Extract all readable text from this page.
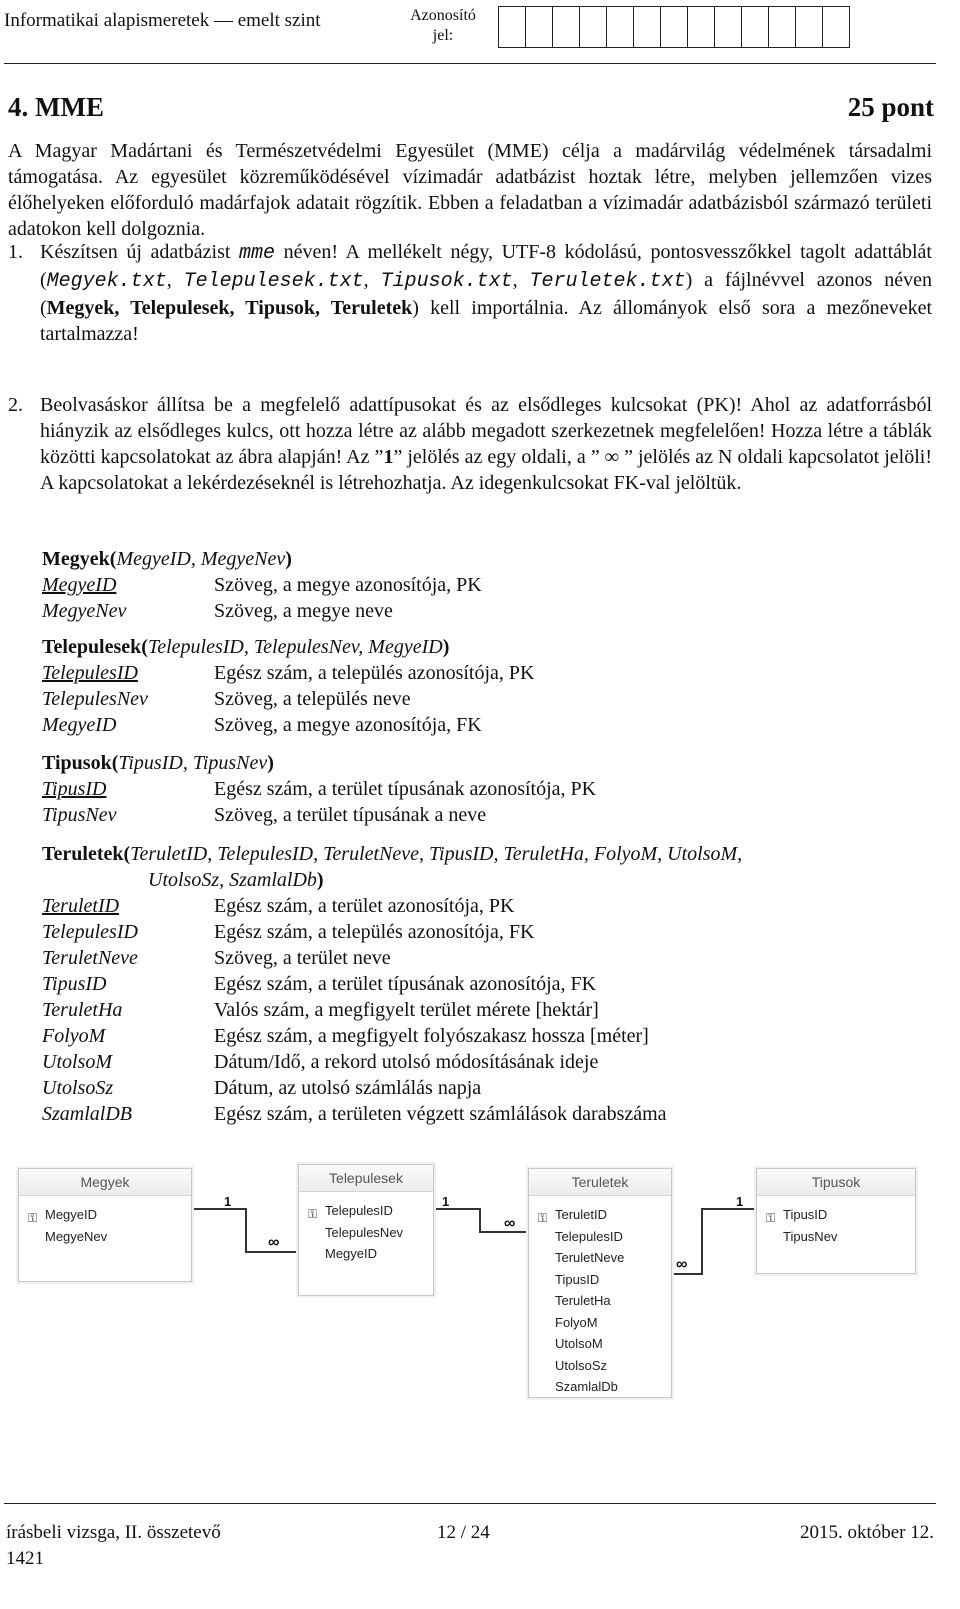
Informatikai alapismeretek — emelt szint	Azonosító
jel:
4. MME	25 pont
A Magyar Madártani és Természetvédelmi Egyesület (MME) célja a madárvilág védelmének társadalmi támogatása. Az egyesület közreműködésével vízimadár adatbázist hoztak létre, melyben jellemzően vizes élőhelyeken előforduló madárfajok adatait rögzítik. Ebben a feladatban a vízimadár adatbázisból származó területi adatokon kell dolgoznia.
1. Készítsen új adatbázist mme néven! A mellékelt négy, UTF-8 kódolású, pontosvesszőkkel tagolt adattáblát (Megyek.txt, Telepulesek.txt, Tipusok.txt, Teruletek.txt) a fájlnévvel azonos néven (Megyek, Telepulesek, Tipusok, Teruletek) kell importálnia. Az állományok első sora a mezőneveket tartalmazza!
2. Beolvasáskor állítsa be a megfelelő adattípusokat és az elsődleges kulcsokat (PK)! Ahol az adatforrásból hiányzik az elsődleges kulcs, ott hozza létre az alább megadott szerkezetnek megfelelően! Hozza létre a táblák közötti kapcsolatokat az ábra alapján! Az ”1” jelölés az egy oldali, a ” ∞ ” jelölés az N oldali kapcsolatot jelöli! A kapcsolatokat a lekérdezéseknél is létrehozhatja. Az idegenkulcsokat FK-val jelöltük.
Megyek(MegyeID, MegyeNev)
MegyeID	Szöveg, a megye azonosítója, PK
MegyeNev	Szöveg, a megye neve
Telepulesek(TelepulesID, TelepulesNev, MegyeID)
TelepulesID	Egész szám, a település azonosítója, PK
TelepulesNev	Szöveg, a település neve
MegyeID	Szöveg, a megye azonosítója, FK
Tipusok(TipusID, TipusNev)
TipusID	Egész szám, a terület típusának azonosítója, PK
TipusNev	Szöveg, a terület típusának a neve
Teruletek(TeruletID, TelepulesID, TeruletNeve, TipusID, TeruletHa, FolyoM, UtolsoM,
UtolsoSz, SzamlalDb)
TeruletID	Egész szám, a terület azonosítója, PK
TelepulesID	Egész szám, a település azonosítója, FK
TeruletNeve	Szöveg, a terület neve
TipusID	Egész szám, a terület típusának azonosítója, FK
TeruletHa	Valós szám, a megfigyelt terület mérete [hektár]
FolyoM	Egész szám, a megfigyelt folyószakasz hossza [méter]
UtolsoM	Dátum/Idő, a rekord utolsó módosításának ideje
UtolsoSz	Dátum, az utolsó számlálás napja
SzamlalDB	Egész szám, a területen végzett számlálások darabszáma
1
∞
1
∞
1
∞
Megyek
⚿ MegyeID
MegyeNev
Telepulesek
⚿ TelepulesID
TelepulesNev
MegyeID
Teruletek
⚿ TeruletID
TelepulesID
TeruletNeve
TipusID
TeruletHa
FolyoM
UtolsoM
UtolsoSz
SzamlalDb
Tipusok
⚿ TipusID
TipusNev
írásbeli vizsga, II. összetevő	12 / 24	2015. október 12.
1421
